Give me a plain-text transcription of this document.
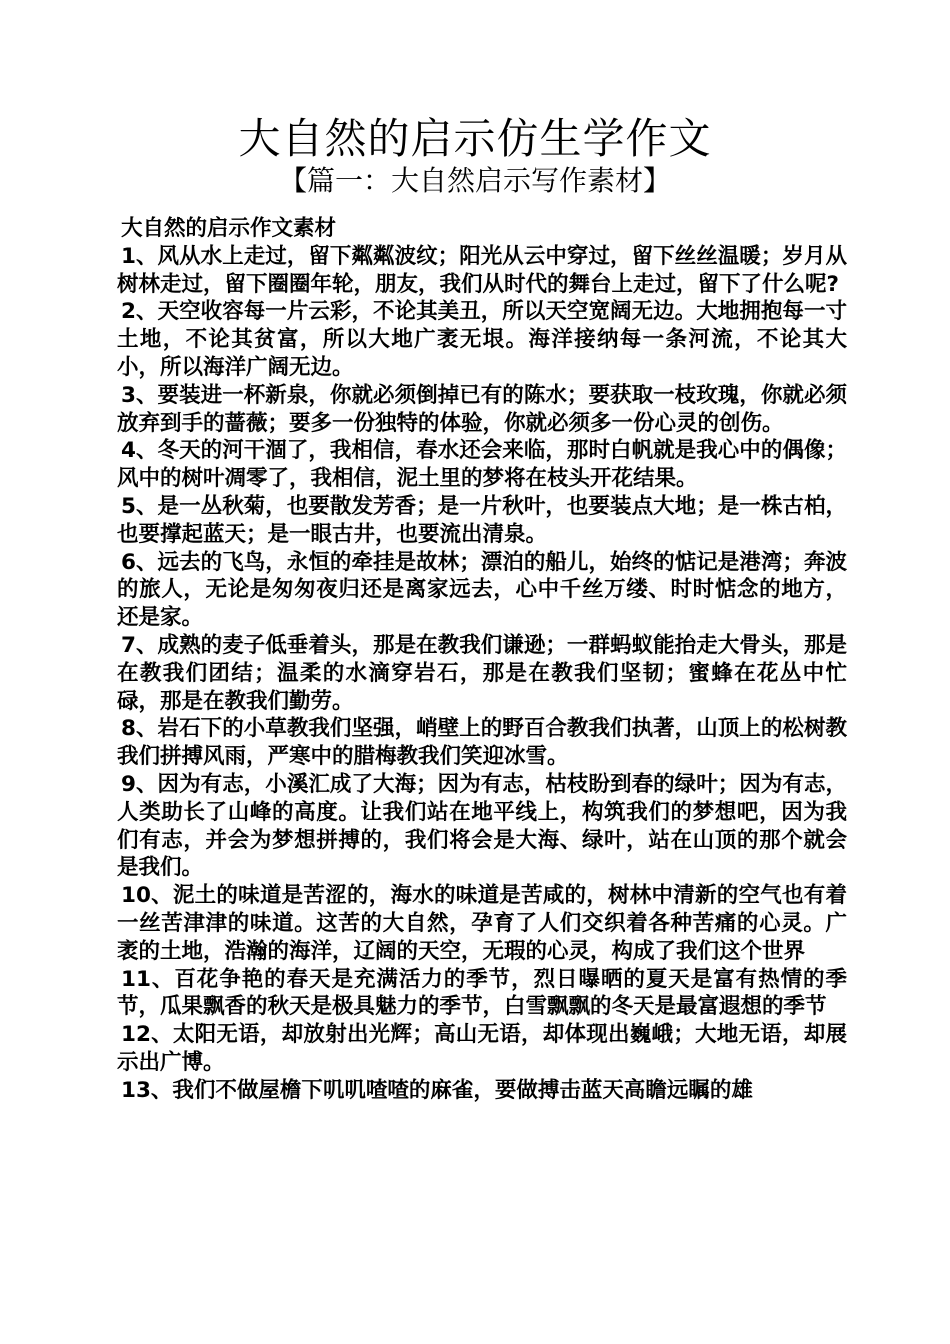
大自然的启示仿生学作文
【篇一：大自然启示写作素材】
大自然的启示作文素材
1、风从水上走过，留下粼粼波纹；阳光从云中穿过，留下丝丝温暖；岁月从树林走过，留下圈圈年轮，朋友，我们从时代的舞台上走过，留下了什么呢?
2、天空收容每一片云彩，不论其美丑，所以天空宽阔无边。大地拥抱每一寸土地，不论其贫富，所以大地广袤无垠。海洋接纳每一条河流，不论其大小，所以海洋广阔无边。
3、要装进一杯新泉，你就必须倒掉已有的陈水；要获取一枝玫瑰，你就必须放弃到手的蔷薇；要多一份独特的体验，你就必须多一份心灵的创伤。
4、冬天的河干涸了，我相信，春水还会来临，那时白帆就是我心中的偶像；风中的树叶凋零了，我相信，泥土里的梦将在枝头开花结果。
5、是一丛秋菊，也要散发芳香；是一片秋叶，也要装点大地；是一株古柏，也要撑起蓝天；是一眼古井，也要流出清泉。
6、远去的飞鸟，永恒的牵挂是故林；漂泊的船儿，始终的惦记是港湾；奔波的旅人，无论是匆匆夜归还是离家远去，心中千丝万缕、时时惦念的地方，还是家。
7、成熟的麦子低垂着头，那是在教我们谦逊；一群蚂蚁能抬走大骨头，那是在教我们团结；温柔的水滴穿岩石，那是在教我们坚韧；蜜蜂在花丛中忙碌，那是在教我们勤劳。
8、岩石下的小草教我们坚强，峭壁上的野百合教我们执著，山顶上的松树教我们拼搏风雨，严寒中的腊梅教我们笑迎冰雪。
9、因为有志，小溪汇成了大海；因为有志，枯枝盼到春的绿叶；因为有志，人类助长了山峰的高度。让我们站在地平线上，构筑我们的梦想吧，因为我们有志，并会为梦想拼搏的，我们将会是大海、绿叶，站在山顶的那个就会是我们。
10、泥土的味道是苦涩的，海水的味道是苦咸的，树林中清新的空气也有着一丝苦津津的味道。这苦的大自然，孕育了人们交织着各种苦痛的心灵。广袤的土地，浩瀚的海洋，辽阔的天空，无瑕的心灵，构成了我们这个世界
11、百花争艳的春天是充满活力的季节，烈日曝晒的夏天是富有热情的季节，瓜果飘香的秋天是极具魅力的季节，白雪飘飘的冬天是最富遐想的季节
12、太阳无语，却放射出光辉；高山无语，却体现出巍峨；大地无语，却展示出广博。
13、我们不做屋檐下叽叽喳喳的麻雀，要做搏击蓝天高瞻远瞩的雄
